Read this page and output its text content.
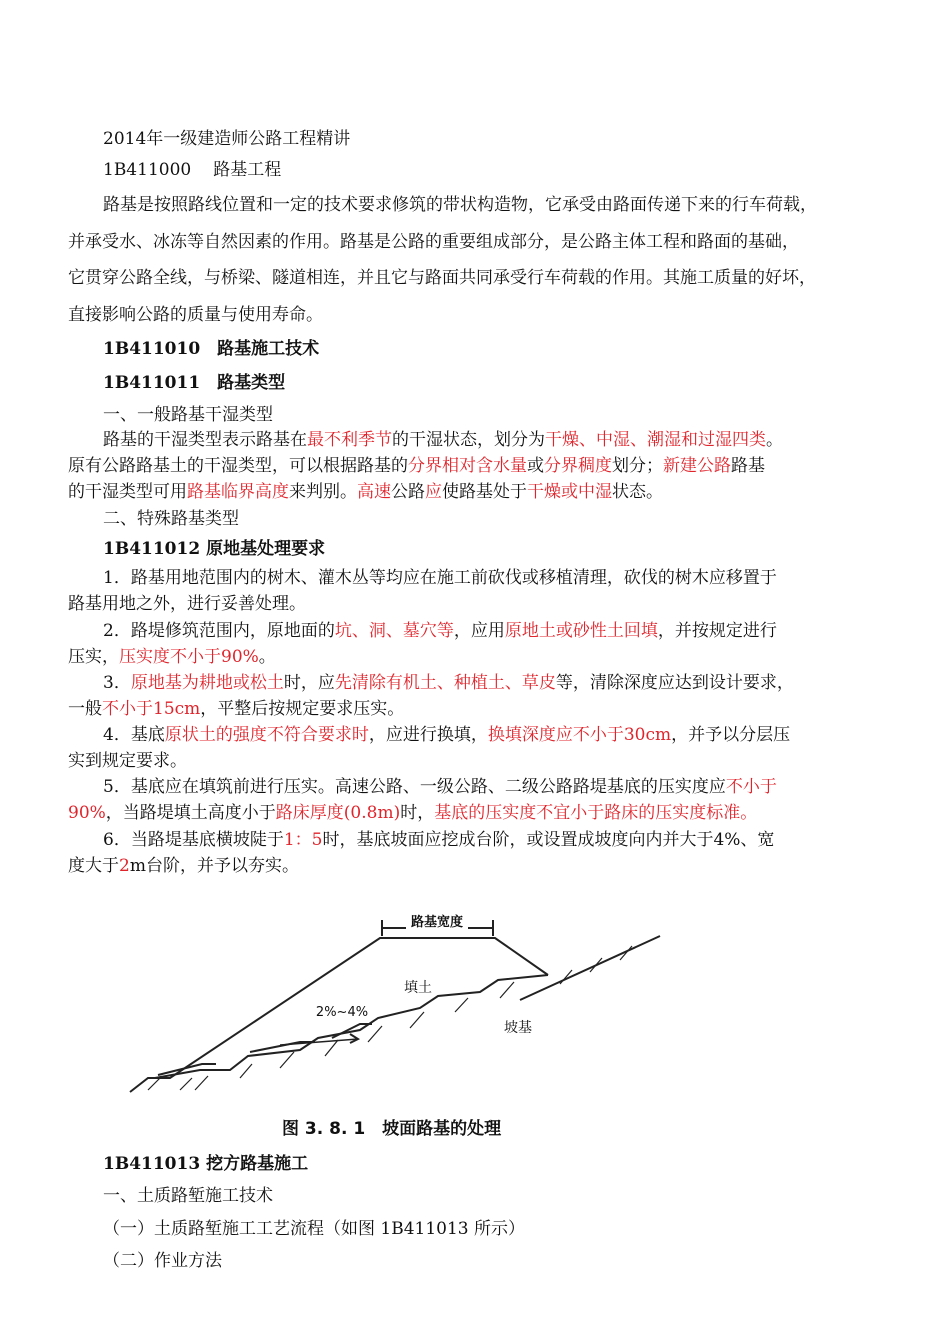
2014年一级建造师公路工程精讲
1B411000 路基工程
路基是按照路线位置和一定的技术要求修筑的带状构造物，它承受由路面传递下来的行车荷载，
并承受水、冰冻等自然因素的作用。路基是公路的重要组成部分，是公路主体工程和路面的基础，
它贯穿公路全线，与桥梁、隧道相连，并且它与路面共同承受行车荷载的作用。其施工质量的好坏，
直接影响公路的质量与使用寿命。
1B411010　路基施工技术
1B411011　路基类型
一、一般路基干湿类型
路基的干湿类型表示路基在最不利季节的干湿状态，划分为干燥、中湿、潮湿和过湿四类。
原有公路路基土的干湿类型，可以根据路基的分界相对含水量或分界稠度划分；新建公路路基
的干湿类型可用路基临界高度来判别。高速公路应使路基处于干燥或中湿状态。
二、特殊路基类型
1B411012 原地基处理要求
1．路基用地范围内的树木、灌木丛等均应在施工前砍伐或移植清理，砍伐的树木应移置于
路基用地之外，进行妥善处理。
2．路堤修筑范围内，原地面的坑、洞、墓穴等，应用原地土或砂性土回填，并按规定进行
压实，压实度不小于90%。
3．原地基为耕地或松土时，应先清除有机土、种植土、草皮等，清除深度应达到设计要求，
一般不小于15cm，平整后按规定要求压实。
4．基底原状土的强度不符合要求时，应进行换填，换填深度应不小于30cm，并予以分层压
实到规定要求。
5．基底应在填筑前进行压实。高速公路、一级公路、二级公路路堤基底的压实度应不小于
90%，当路堤填土高度小于路床厚度(0.8m)时，基底的压实度不宜小于路床的压实度标准。
6．当路堤基底横坡陡于1：5时，基底坡面应挖成台阶，或设置成坡度向内并大于4%、宽
度大于2m台阶，并予以夯实。
路基宽度
填土
2%~4%
坡基
图 3. 8. 1　坡面路基的处理
1B411013 挖方路基施工
一、土质路堑施工技术
（一）土质路堑施工工艺流程（如图 1B411013 所示）
（二）作业方法
